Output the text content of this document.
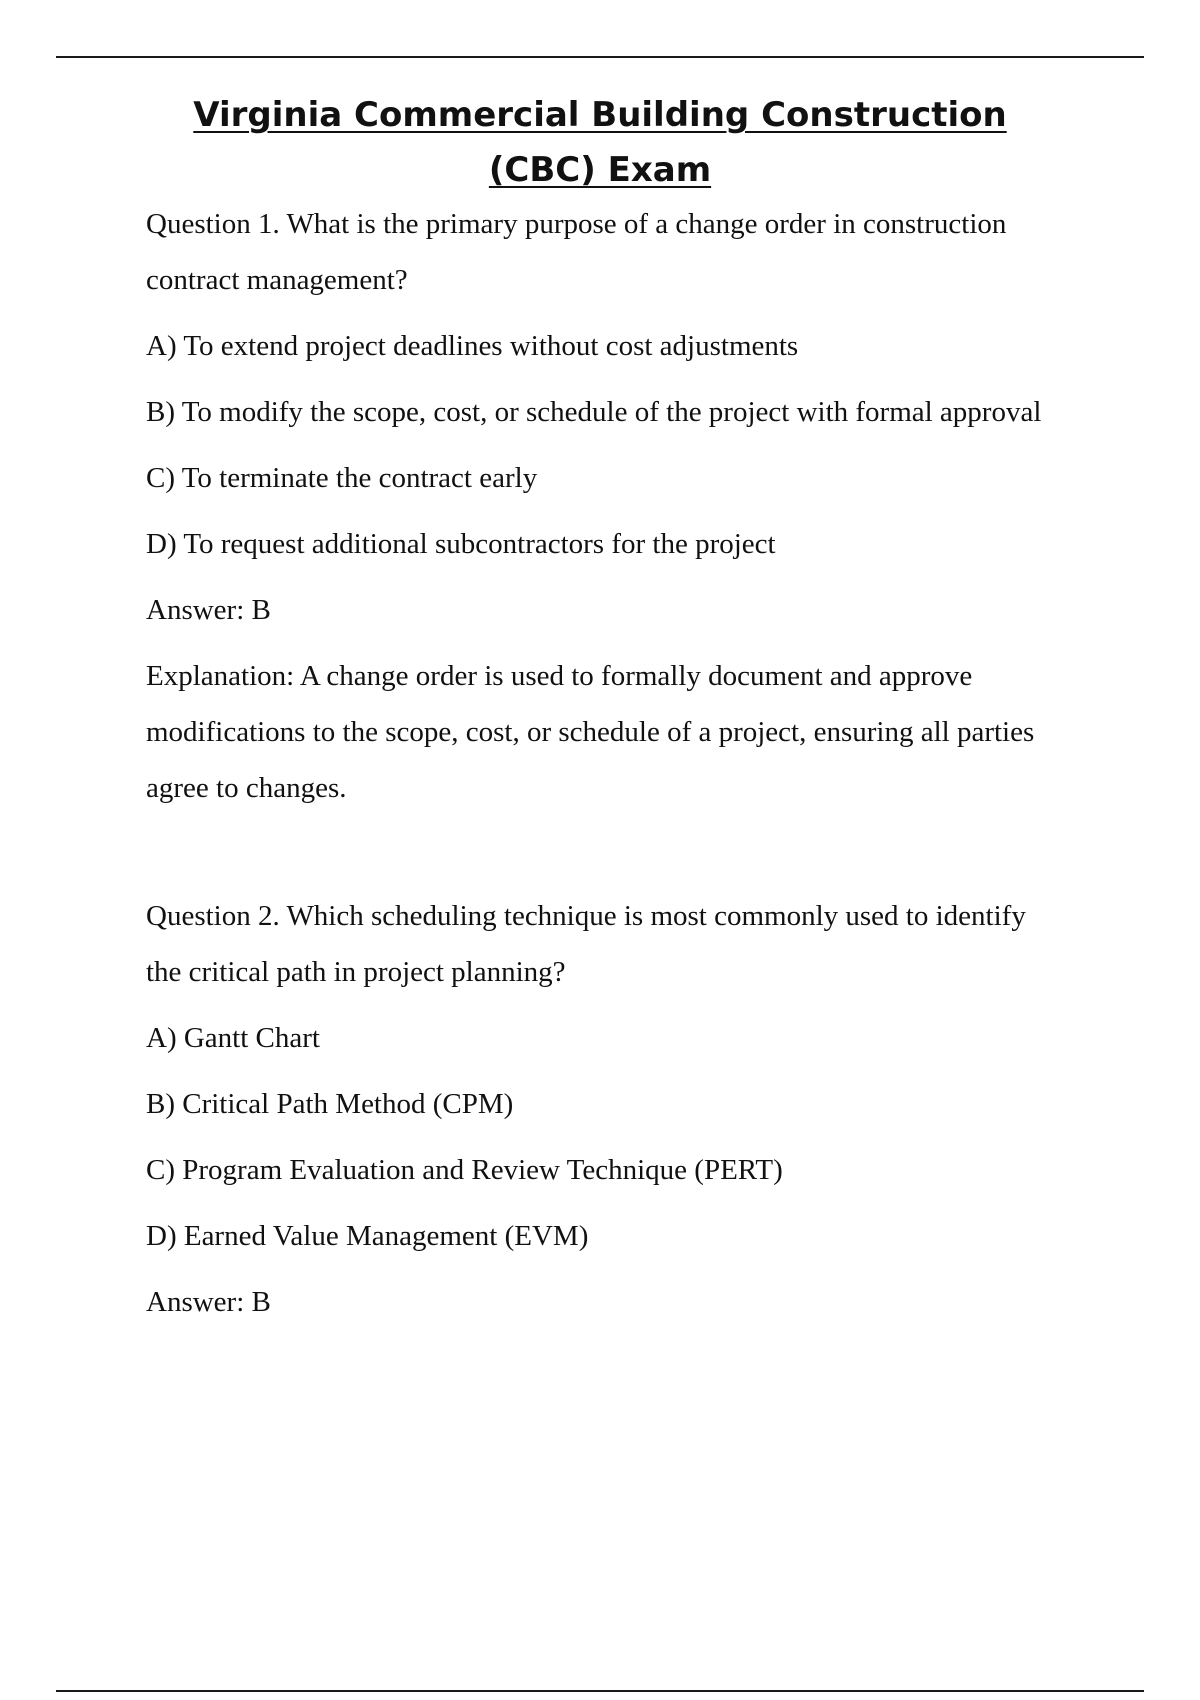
Virginia Commercial Building Construction
(CBC) Exam

Question 1. What is the primary purpose of a change order in construction contract management?

A) To extend project deadlines without cost adjustments

B) To modify the scope, cost, or schedule of the project with formal approval

C) To terminate the contract early

D) To request additional subcontractors for the project

Answer: B

Explanation: A change order is used to formally document and approve modifications to the scope, cost, or schedule of a project, ensuring all parties agree to changes.

Question 2. Which scheduling technique is most commonly used to identify the critical path in project planning?

A) Gantt Chart

B) Critical Path Method (CPM)

C) Program Evaluation and Review Technique (PERT)

D) Earned Value Management (EVM)

Answer: B
